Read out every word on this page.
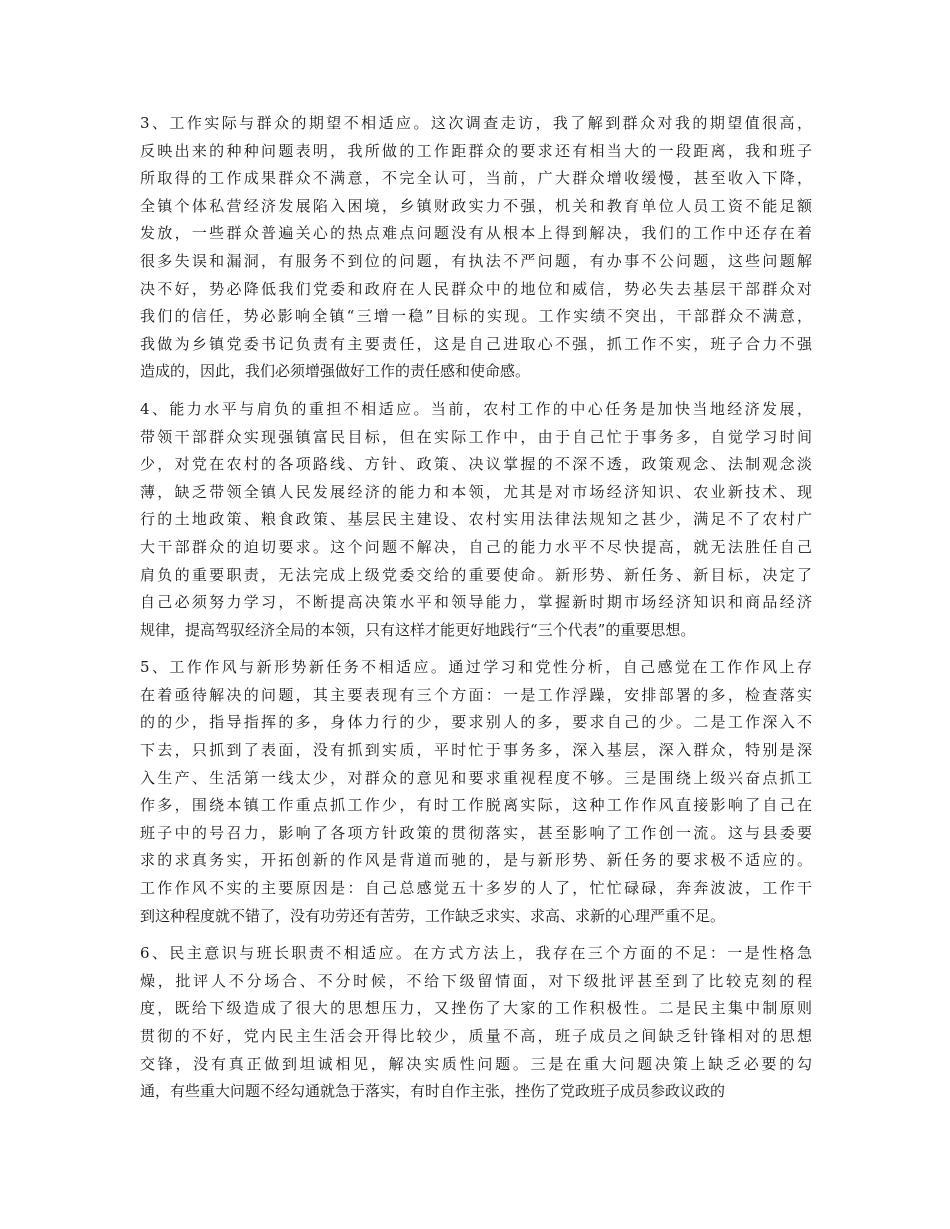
3、工作实际与群众的期望不相适应。这次调查走访，我了解到群众对我的期望值很高，
反映出来的种种问题表明，我所做的工作距群众的要求还有相当大的一段距离，我和班子
所取得的工作成果群众不满意，不完全认可，当前，广大群众增收缓慢，甚至收入下降，
全镇个体私营经济发展陷入困境，乡镇财政实力不强，机关和教育单位人员工资不能足额
发放，一些群众普遍关心的热点难点问题没有从根本上得到解决，我们的工作中还存在着
很多失误和漏洞，有服务不到位的问题，有执法不严问题，有办事不公问题，这些问题解
决不好，势必降低我们党委和政府在人民群众中的地位和威信，势必失去基层干部群众对
我们的信任，势必影响全镇“三增一稳”目标的实现。工作实绩不突出，干部群众不满意，
我做为乡镇党委书记负责有主要责任，这是自己进取心不强，抓工作不实，班子合力不强
造成的，因此，我们必须增强做好工作的责任感和使命感。
4、能力水平与肩负的重担不相适应。当前，农村工作的中心任务是加快当地经济发展，
带领干部群众实现强镇富民目标，但在实际工作中，由于自己忙于事务多，自觉学习时间
少，对党在农村的各项路线、方针、政策、决议掌握的不深不透，政策观念、法制观念淡
薄，缺乏带领全镇人民发展经济的能力和本领，尤其是对市场经济知识、农业新技术、现
行的土地政策、粮食政策、基层民主建设、农村实用法律法规知之甚少，满足不了农村广
大干部群众的迫切要求。这个问题不解决，自己的能力水平不尽快提高，就无法胜任自己
肩负的重要职责，无法完成上级党委交给的重要使命。新形势、新任务、新目标，决定了
自己必须努力学习，不断提高决策水平和领导能力，掌握新时期市场经济知识和商品经济
规律，提高驾驭经济全局的本领，只有这样才能更好地践行“三个代表”的重要思想。
5、工作作风与新形势新任务不相适应。通过学习和党性分析，自己感觉在工作作风上存
在着亟待解决的问题，其主要表现有三个方面：一是工作浮躁，安排部署的多，检查落实
的的少，指导指挥的多，身体力行的少，要求别人的多，要求自己的少。二是工作深入不
下去，只抓到了表面，没有抓到实质，平时忙于事务多，深入基层，深入群众，特别是深
入生产、生活第一线太少，对群众的意见和要求重视程度不够。三是围绕上级兴奋点抓工
作多，围绕本镇工作重点抓工作少，有时工作脱离实际，这种工作作风直接影响了自己在
班子中的号召力，影响了各项方针政策的贯彻落实，甚至影响了工作创一流。这与县委要
求的求真务实，开拓创新的作风是背道而驰的，是与新形势、新任务的要求极不适应的。
工作作风不实的主要原因是：自己总感觉五十多岁的人了，忙忙碌碌，奔奔波波，工作干
到这种程度就不错了，没有功劳还有苦劳，工作缺乏求实、求高、求新的心理严重不足。
6、民主意识与班长职责不相适应。在方式方法上，我存在三个方面的不足：一是性格急
燥，批评人不分场合、不分时候，不给下级留情面，对下级批评甚至到了比较克刻的程
度，既给下级造成了很大的思想压力，又挫伤了大家的工作积极性。二是民主集中制原则
贯彻的不好，党内民主生活会开得比较少，质量不高，班子成员之间缺乏针锋相对的思想
交锋，没有真正做到坦诚相见，解决实质性问题。三是在重大问题决策上缺乏必要的勾
通，有些重大问题不经勾通就急于落实，有时自作主张，挫伤了党政班子成员参政议政的
